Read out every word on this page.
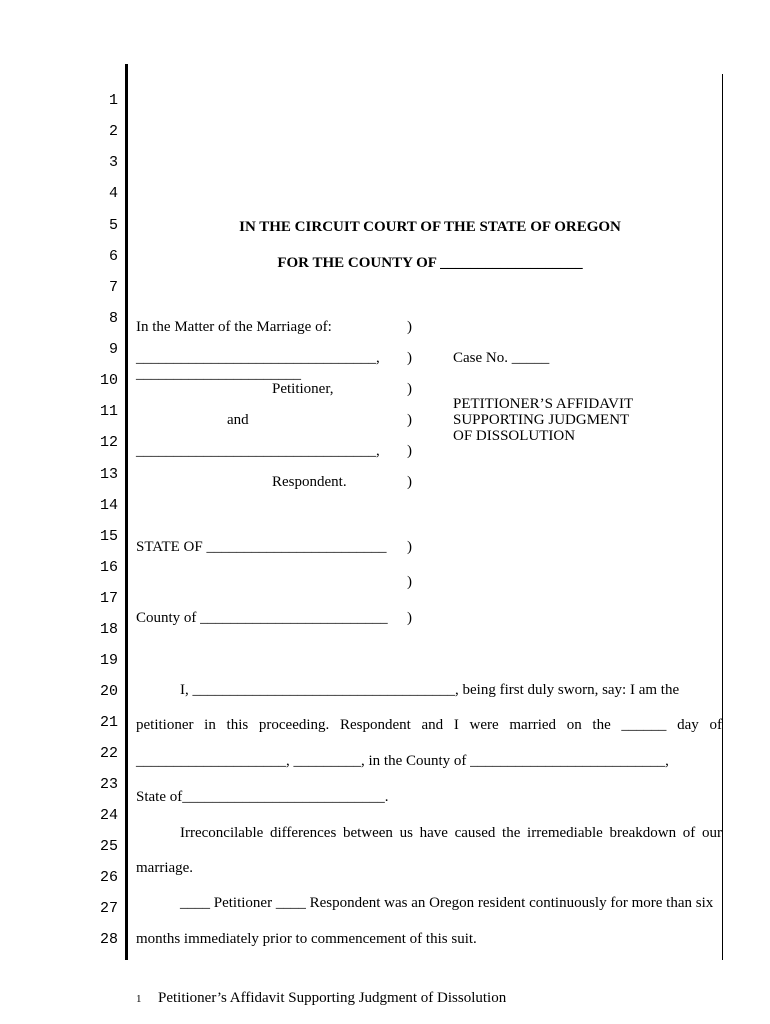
1
2
3
4
5
6
7
8
9
10
11
12
13
14
15
16
17
18
19
20
21
22
23
24
25
26
27
28
IN THE CIRCUIT COURT OF THE STATE OF OREGON
FOR THE COUNTY OF ___________________
In the Matter of the Marriage of:
________________________________,
______________________
Petitioner,
and
________________________________,
Respondent.
)
)
)
)
)
)
Case No. _____
PETITIONER’S AFFIDAVIT
SUPPORTING JUDGMENT
OF DISSOLUTION
STATE OF ________________________ )
)
County of _________________________ )
I, ___________________________________, being first duly sworn, say: I am the
petitioner in this proceeding. Respondent and I were married on the ______ day of
____________________, _________, in the County of __________________________,
State of___________________________.
Irreconcilable differences between us have caused the irremediable breakdown of our
marriage.
____ Petitioner ____ Respondent was an Oregon resident continuously for more than six
months immediately prior to commencement of this suit.
1 Petitioner’s Affidavit Supporting Judgment of Dissolution
